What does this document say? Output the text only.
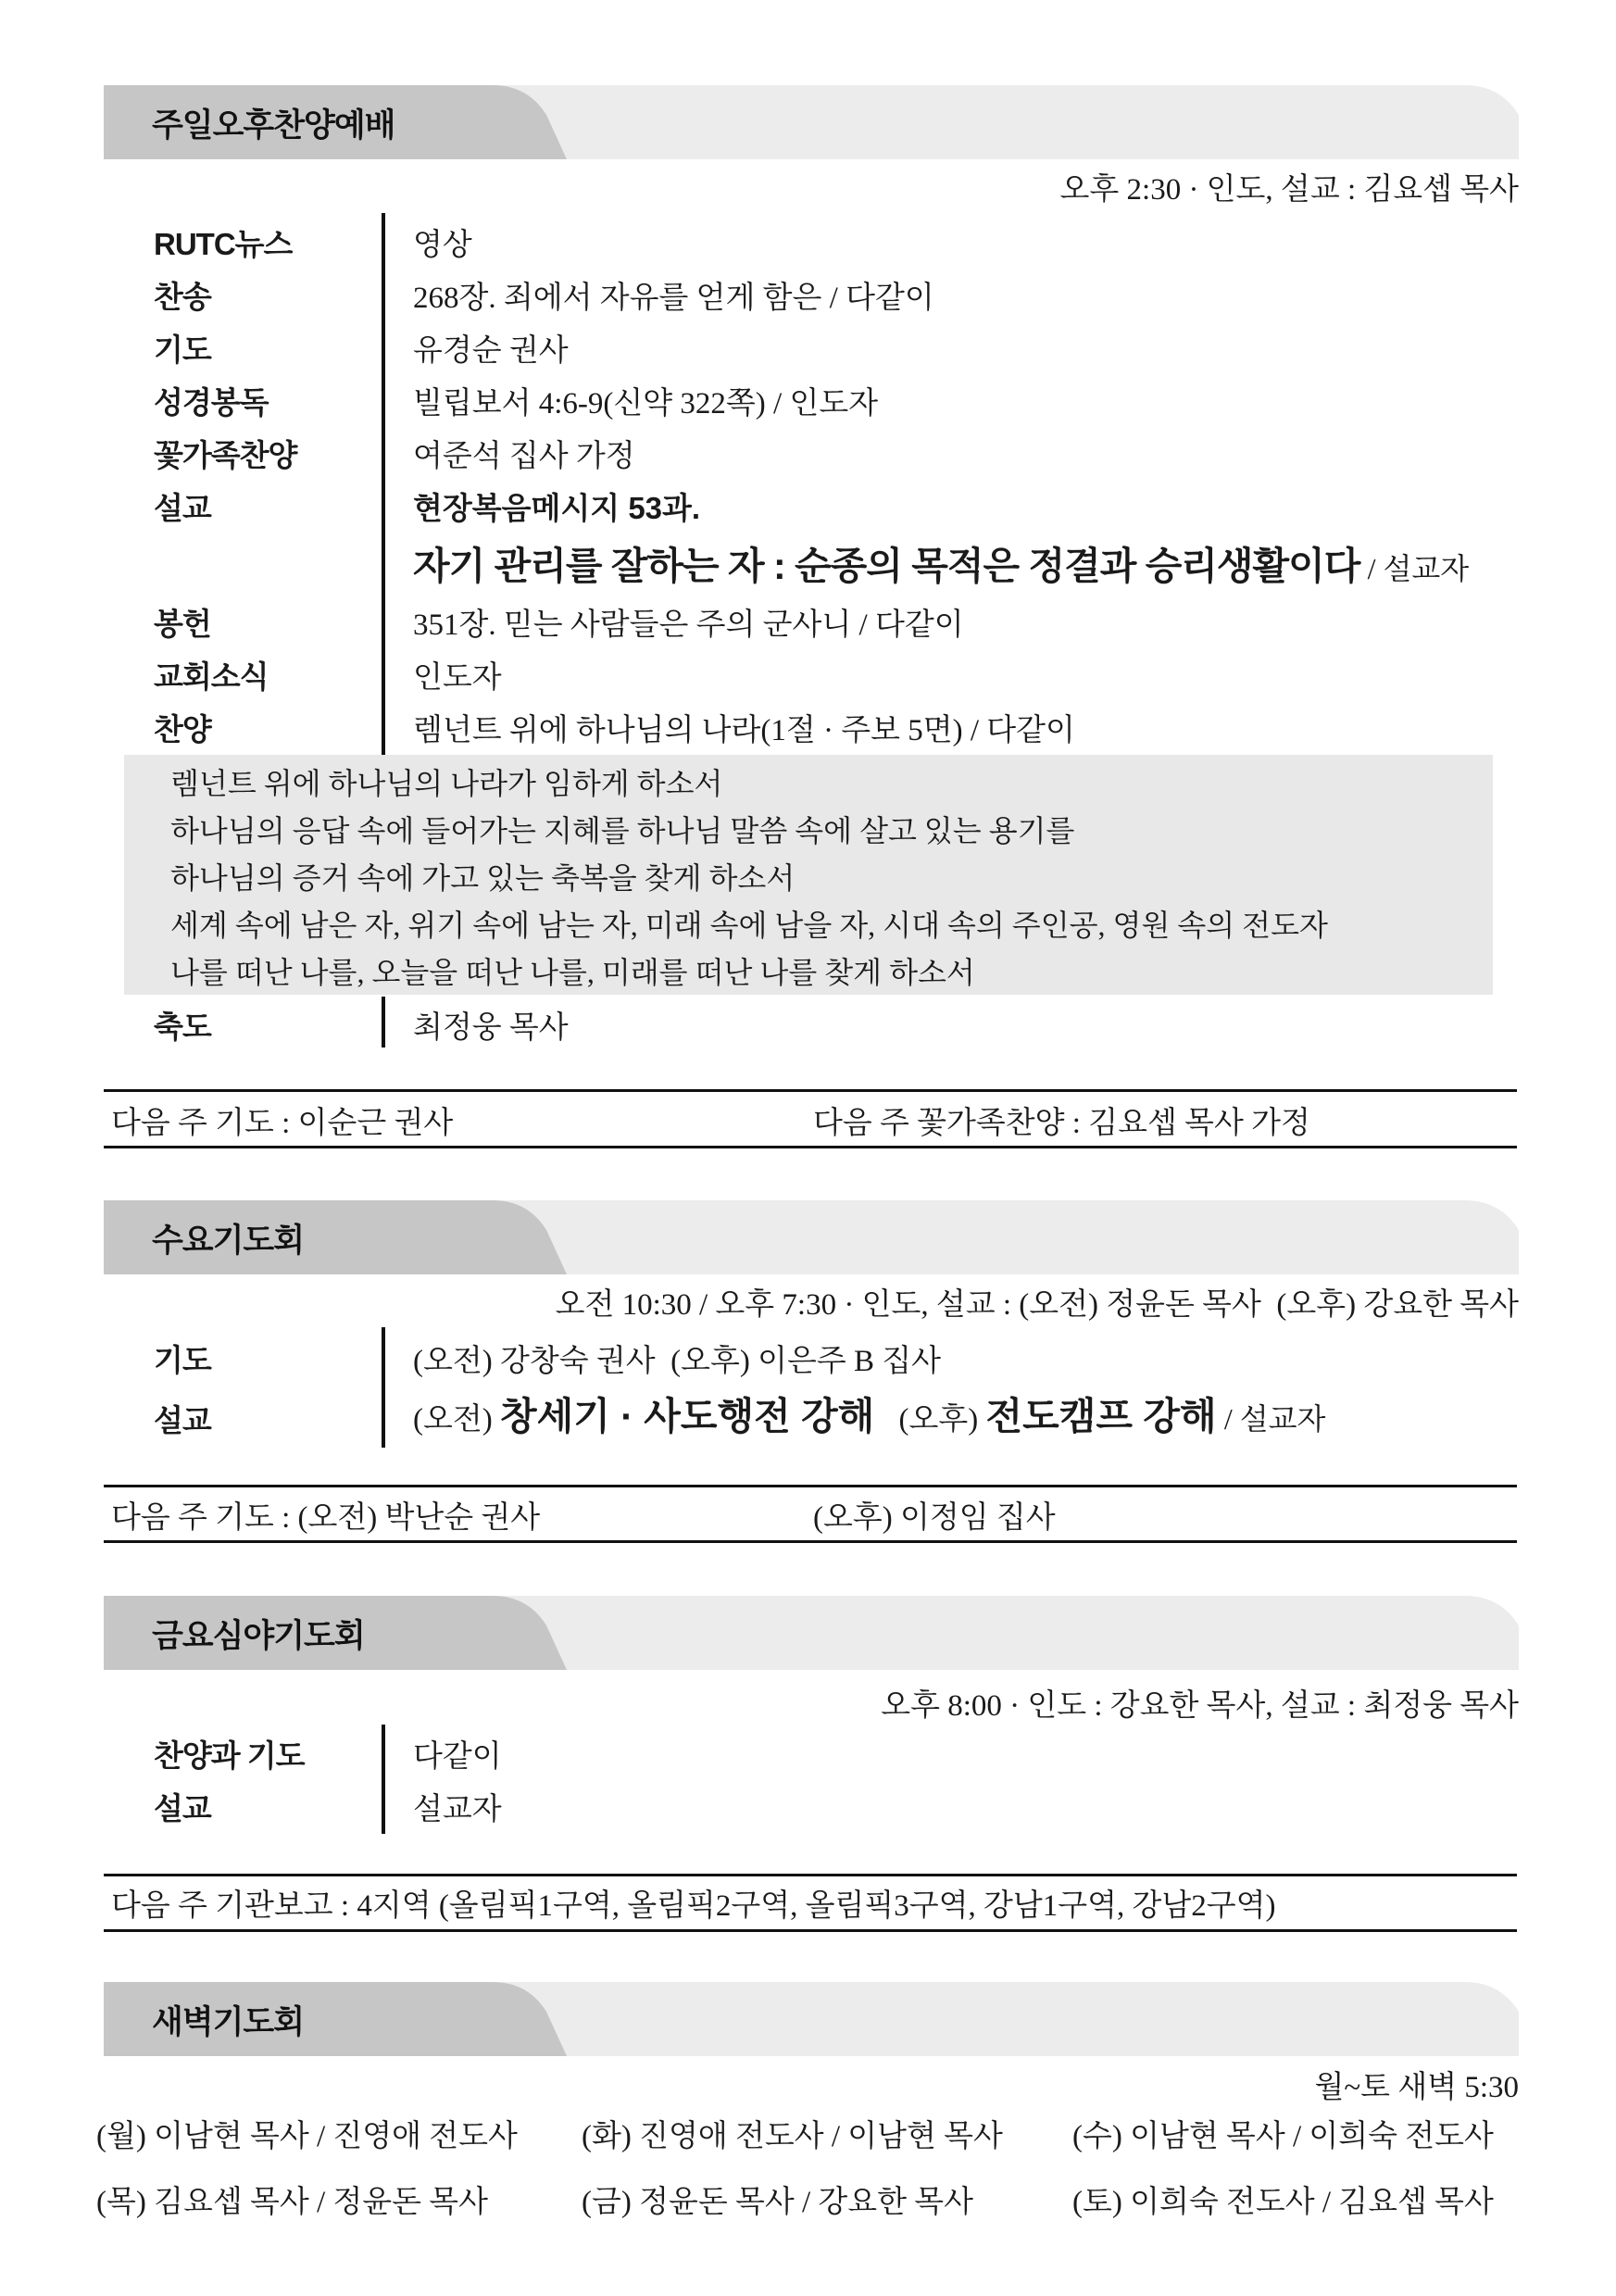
주일오후찬양예배
오후 2:30 · 인도, 설교 : 김요셉 목사
RUTC뉴스	영상
찬송	268장. 죄에서 자유를 얻게 함은 / 다같이
기도	유경순 권사
성경봉독	빌립보서 4:6-9(신약 322쪽) / 인도자
꽃가족찬양	여준석 집사 가정
설교	현장복음메시지 53과.
자기 관리를 잘하는 자 : 순종의 목적은 정결과 승리생활이다 / 설교자
봉헌	351장. 믿는 사람들은 주의 군사니 / 다같이
교회소식	인도자
찬양	렘넌트 위에 하나님의 나라(1절 · 주보 5면) / 다같이
렘넌트 위에 하나님의 나라가 임하게 하소서
하나님의 응답 속에 들어가는 지혜를 하나님 말씀 속에 살고 있는 용기를
하나님의 증거 속에 가고 있는 축복을 찾게 하소서
세계 속에 남은 자, 위기 속에 남는 자, 미래 속에 남을 자, 시대 속의 주인공, 영원 속의 전도자
나를 떠난 나를, 오늘을 떠난 나를, 미래를 떠난 나를 찾게 하소서
축도	최정웅 목사
다음 주 기도 : 이순근 권사	다음 주 꽃가족찬양 : 김요셉 목사 가정
수요기도회
오전 10:30 / 오후 7:30 · 인도, 설교 : (오전) 정윤돈 목사  (오후) 강요한 목사
기도	(오전) 강창숙 권사  (오후) 이은주 B 집사
설교	(오전) 창세기 · 사도행전 강해 (오후) 전도캠프 강해 / 설교자
다음 주 기도 : (오전) 박난순 권사	(오후) 이정임 집사
금요심야기도회
오후 8:00 · 인도 : 강요한 목사, 설교 : 최정웅 목사
찬양과 기도	다같이
설교	설교자
다음 주 기관보고 : 4지역 (올림픽1구역, 올림픽2구역, 올림픽3구역, 강남1구역, 강남2구역)
새벽기도회
월~토 새벽 5:30
(월) 이남현 목사 / 진영애 전도사 (화) 진영애 전도사 / 이남현 목사 (수) 이남현 목사 / 이희숙 전도사
(목) 김요셉 목사 / 정윤돈 목사	(금) 정윤돈 목사 / 강요한 목사	(토) 이희숙 전도사 / 김요셉 목사
